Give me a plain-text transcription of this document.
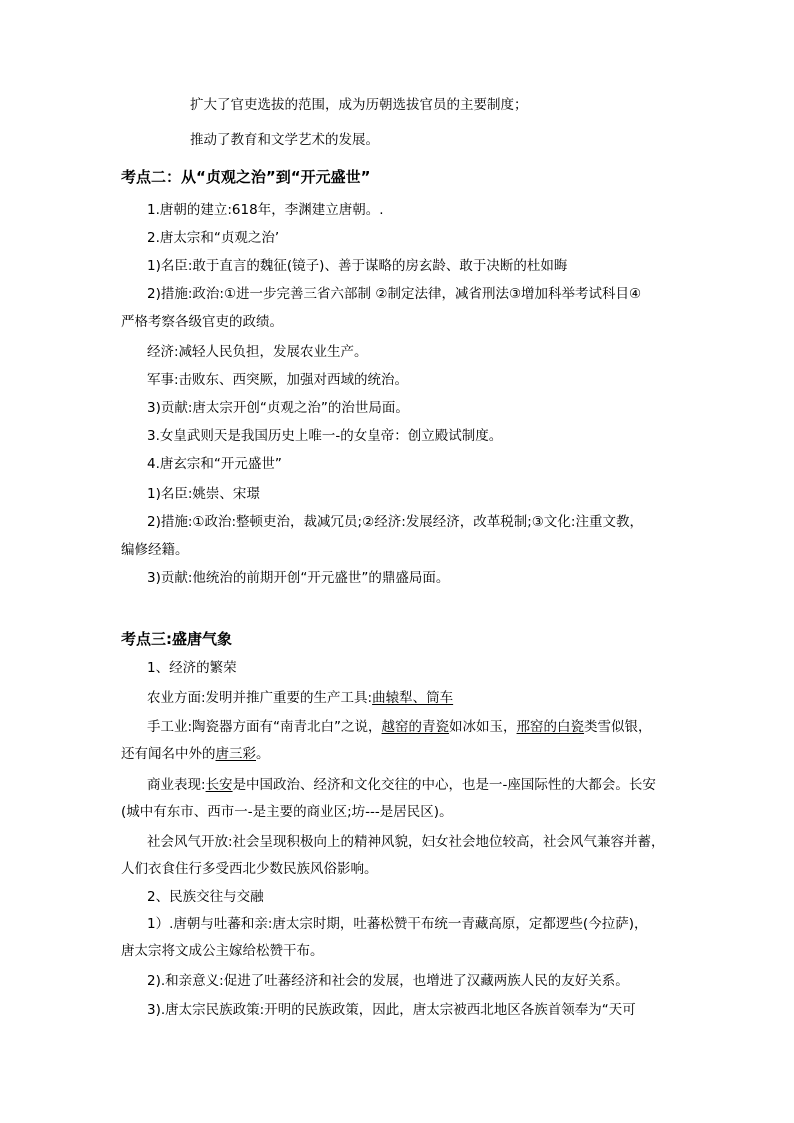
扩大了官吏选拔的范围，成为历朝选拔官员的主要制度；
推动了教育和文学艺术的发展。
考点二：从“贞观之治”到“开元盛世”
1.唐朝的建立:618年，李渊建立唐朝。.
2.唐太宗和“贞观之治’
1)名臣:敢于直言的魏征(镜子)、善于谋略的房玄龄、敢于决断的杜如晦
2)措施:政治:①进一步完善三省六部制 ②制定法律，减省刑法③增加科举考试科目④
严格考察各级官吏的政绩。
经济:减轻人民负担，发展农业生产。
军事:击败东、西突厥，加强对西域的统治。
3)贡献:唐太宗开创“贞观之治”的治世局面。
3.女皇武则天是我国历史上唯一-的女皇帝：创立殿试制度。
4.唐玄宗和“开元盛世”
1)名臣:姚崇、宋璟
2)措施:①政治:整顿吏治，裁减冗员;②经济:发展经济，改革税制;③文化:注重文教，
编修经籍。
3)贡献:他统治的前期开创“开元盛世”的鼎盛局面。
考点三:盛唐气象
1、经济的繁荣
农业方面:发明并推广重要的生产工具:曲辕犁、筒车
手工业:陶瓷器方面有“南青北白”之说，越窑的青瓷如冰如玉，邢窑的白瓷类雪似银，
还有闻名中外的唐三彩。
商业表现:长安是中国政治、经济和文化交往的中心，也是一-座国际性的大都会。长安
(城中有东市、西市一-是主要的商业区;坊---是居民区)。
社会风气开放:社会呈现积极向上的精神风貌，妇女社会地位较高，社会风气兼容并蓄，
人们衣食住行多受西北少数民族风俗影响。
2、民族交往与交融
1）.唐朝与吐蕃和亲:唐太宗时期，吐蕃松赞干布统一青藏高原，定都逻些(今拉萨)，
唐太宗将文成公主嫁给松赞干布。
2).和亲意义:促进了吐蕃经济和社会的发展，也增进了汉藏两族人民的友好关系。
3).唐太宗民族政策:开明的民族政策，因此，唐太宗被西北地区各族首领奉为“天可
